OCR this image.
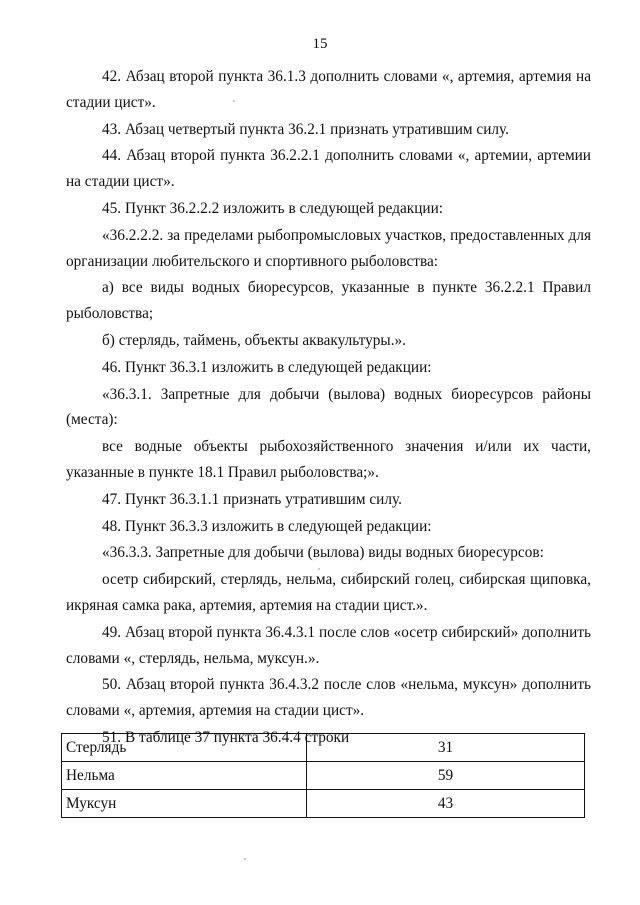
15

42. Абзац второй пункта 36.1.3 дополнить словами «, артемия, артемия на стадии цист».

43. Абзац четвертый пункта 36.2.1 признать утратившим силу.

44. Абзац второй пункта 36.2.2.1 дополнить словами «, артемии, артемии на стадии цист».

45. Пункт 36.2.2.2 изложить в следующей редакции:

«36.2.2.2. за пределами рыбопромысловых участков, предоставленных для организации любительского и спортивного рыболовства:

а) все виды водных биоресурсов, указанные в пункте 36.2.2.1 Правил рыболовства;

б) стерлядь, таймень, объекты аквакультуры.».

46. Пункт 36.3.1 изложить в следующей редакции:

«36.3.1. Запретные для добычи (вылова) водных биоресурсов районы (места):

все водные объекты рыбохозяйственного значения и/или их части, указанные в пункте 18.1 Правил рыболовства;».

47. Пункт 36.3.1.1 признать утратившим силу.

48. Пункт 36.3.3 изложить в следующей редакции:

«36.3.3. Запретные для добычи (вылова) виды водных биоресурсов:

осетр сибирский, стерлядь, нельма, сибирский голец, сибирская щиповка, икряная самка рака, артемия, артемия на стадии цист.».

49. Абзац второй пункта 36.4.3.1 после слов «осетр сибирский» дополнить словами «, стерлядь, нельма, муксун.».

50. Абзац второй пункта 36.4.3.2 после слов «нельма, муксун» дополнить словами «, артемия, артемия на стадии цист».

51. В таблице 37 пункта 36.4.4 строки

Стерлядь	31
Нельма	59
Муксун	43
